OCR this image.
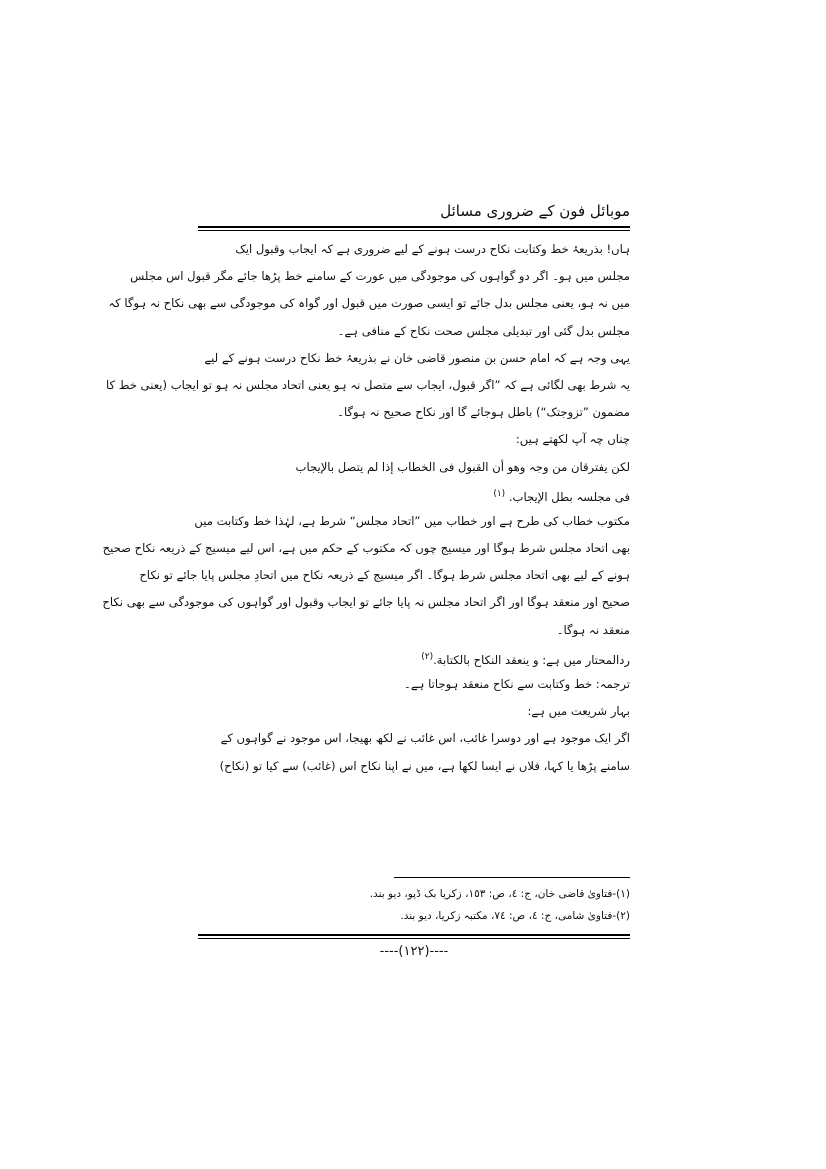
موبائل فون کے ضروری مسائل
ہاں! بذریعۂ خط وکتابت نکاح درست ہونے کے لیے ضروری ہے کہ ایجاب وقبول ایک
مجلس میں ہو۔ اگر دو گواہوں کی موجودگی میں عورت کے سامنے خط پڑھا جائے مگر قبول اس مجلس
میں نہ ہو، یعنی مجلس بدل جائے تو ایسی صورت میں قبول اور گواہ کی موجودگی سے بھی نکاح نہ ہوگا کہ
مجلس بدل گئی اور تبدیلی مجلس صحت نکاح کے منافی ہے۔
یہی وجہ ہے کہ امام حسن بن منصور قاضی خان نے بذریعۂ خط نکاح درست ہونے کے لیے
یہ شرط بھی لگائی ہے کہ ”اگر قبول، ایجاب سے متصل نہ ہو یعنی اتحاد مجلس نہ ہو تو ایجاب (یعنی خط کا
مضمون ”تزوجتک“) باطل ہوجائے گا اور نکاح صحیح نہ ہوگا۔
چناں چہ آپ لکھتے ہیں:
لکن یفترقان من وجہ وھو أن القبول فی الخطاب إذا لم یتصل بالإیجاب
فی مجلسہ بطل الإیجاب. $^{(۱)}$
مکتوب خطاب کی طرح ہے اور خطاب میں ”اتحاد مجلس“ شرط ہے، لہٰذا خط وکتابت میں
بھی اتحاد مجلس شرط ہوگا اور میسیج چوں کہ مکتوب کے حکم میں ہے، اس لیے میسیج کے ذریعہ نکاح صحیح
ہونے کے لیے بھی اتحاد مجلس شرط ہوگا۔ اگر میسیج کے ذریعہ نکاح میں اتحادِ مجلس پایا جائے تو نکاح
صحیح اور منعقد ہوگا اور اگر اتحاد مجلس نہ پایا جائے تو ایجاب وقبول اور گواہوں کی موجودگی سے بھی نکاح
منعقد نہ ہوگا۔
ردالمحتار میں ہے: و ینعقد النکاح بالکتابة.$^{(۲)}$
ترجمہ: خط وکتابت سے نکاح منعقد ہوجاتا ہے۔
بہار شریعت میں ہے:
اگر ایک موجود ہے اور دوسرا غائب، اس غائب نے لکھ بھیجا، اس موجود نے گواہوں کے
سامنے پڑھا یا کہا، فلاں نے ایسا لکھا ہے، میں نے اپنا نکاح اس (غائب) سے کیا تو (نکاح)
(۱)-فتاویٰ قاضی خان، ج: ٤، ص: ١٥٣، زکریا بک ڈپو، دیو بند.
(۲)-فتاویٰ شامی، ج: ٤، ص: ٧٤، مکتبہ زکریا، دیو بند.
----(۱۲۲)----
